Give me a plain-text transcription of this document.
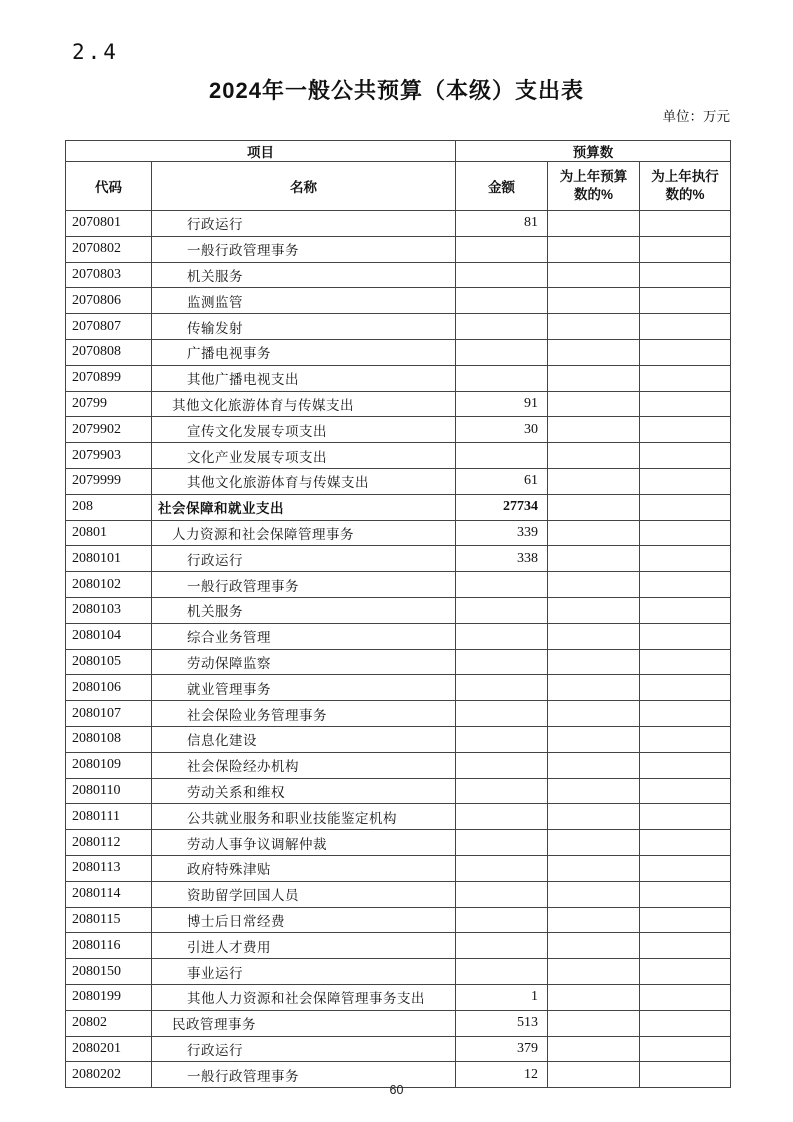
2.4
2024年一般公共预算（本级）支出表
单位：万元
项目		预算数		
代码	名称	金额	为上年预算数的%	为上年执行数的%
2070801	行政运行	81		
2070802	一般行政管理事务			
2070803	机关服务			
2070806	监测监管			
2070807	传输发射			
2070808	广播电视事务			
2070899	其他广播电视支出			
20799	其他文化旅游体育与传媒支出	91		
2079902	宣传文化发展专项支出	30		
2079903	文化产业发展专项支出			
2079999	其他文化旅游体育与传媒支出	61		
208	社会保障和就业支出	27734		
20801	人力资源和社会保障管理事务	339		
2080101	行政运行	338		
2080102	一般行政管理事务			
2080103	机关服务			
2080104	综合业务管理			
2080105	劳动保障监察			
2080106	就业管理事务			
2080107	社会保险业务管理事务			
2080108	信息化建设			
2080109	社会保险经办机构			
2080110	劳动关系和维权			
2080111	公共就业服务和职业技能鉴定机构			
2080112	劳动人事争议调解仲裁			
2080113	政府特殊津贴			
2080114	资助留学回国人员			
2080115	博士后日常经费			
2080116	引进人才费用			
2080150	事业运行			
2080199	其他人力资源和社会保障管理事务支出	1		
20802	民政管理事务	513		
2080201	行政运行	379		
2080202	一般行政管理事务	12		
60
